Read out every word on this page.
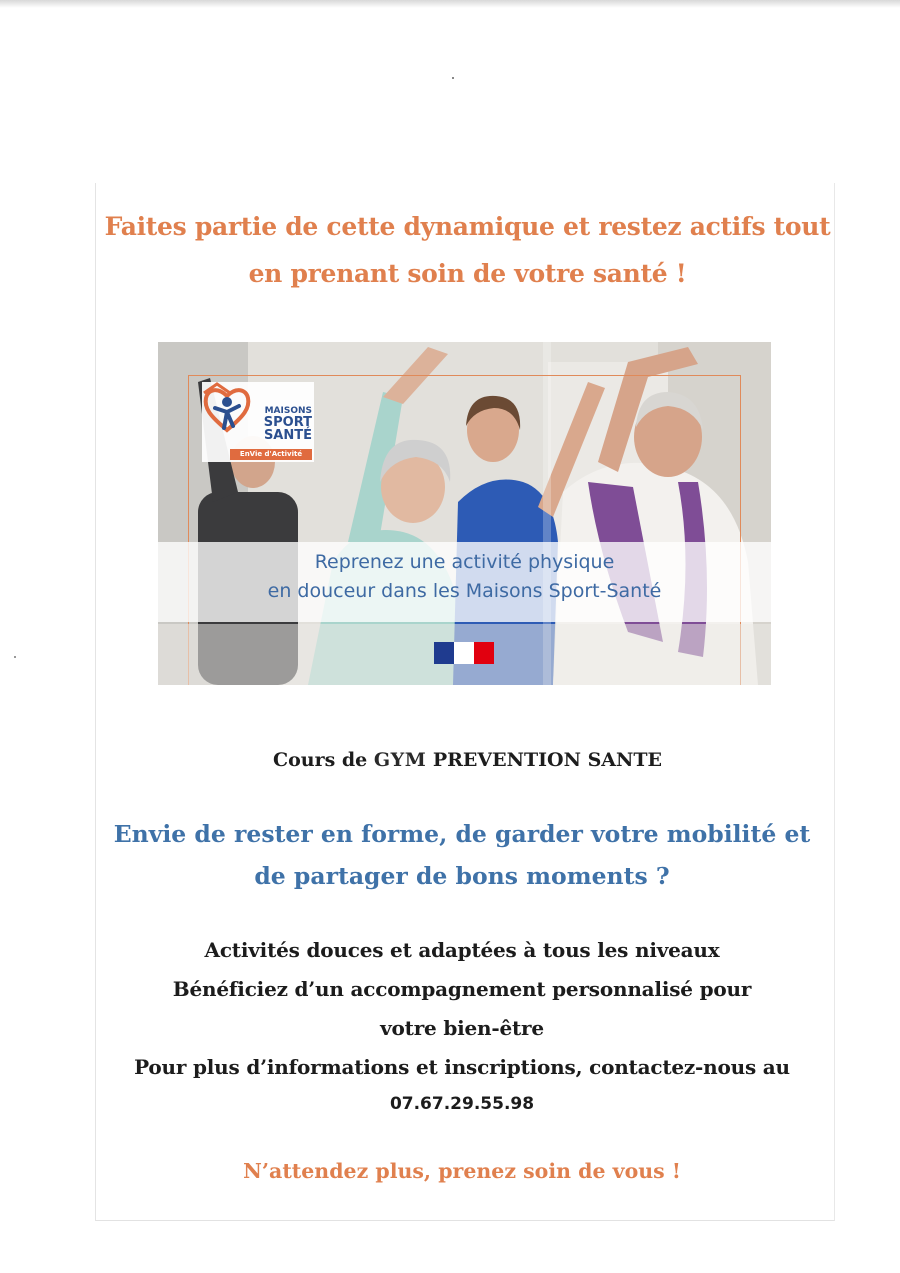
Faites partie de cette dynamique et restez actifs tout
en prenant soin de votre santé !
MAISONS
SPORT
SANTÉ
EnVie d'Activité
Reprenez une activité physique
en douceur dans les Maisons Sport-Santé
Cours de GYM PREVENTION SANTE
Envie de rester en forme, de garder votre mobilité et
de partager de bons moments ?
Activités douces et adaptées à tous les niveaux
Bénéficiez d’un accompagnement personnalisé pour
votre bien-être
Pour plus d’informations et inscriptions, contactez-nous au
07.67.29.55.98
N’attendez plus, prenez soin de vous !
